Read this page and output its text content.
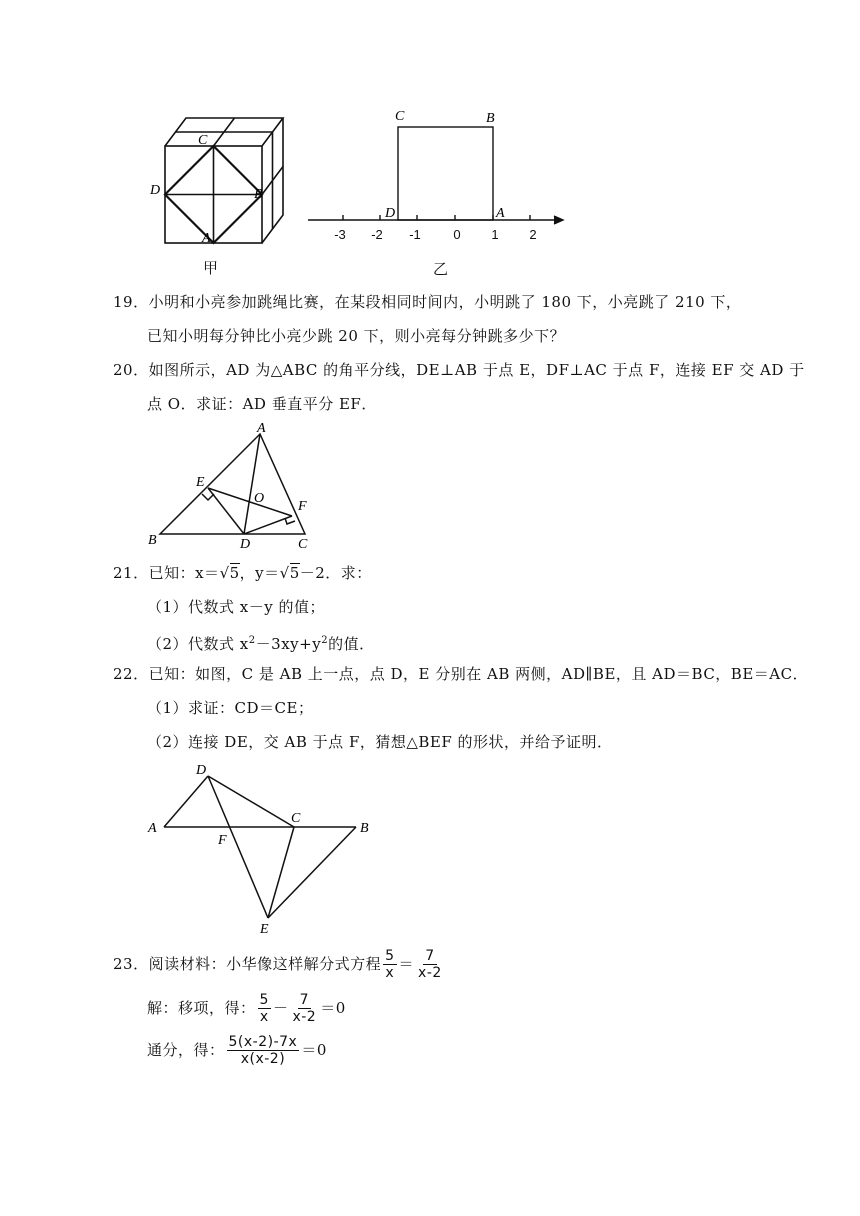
C
D	B
A
甲
C	B
D	A
-3 -2 -1	0 1 2
乙
19．小明和小亮参加跳绳比赛，在某段相同时间内，小明跳了 180 下，小亮跳了 210 下，
已知小明每分钟比小亮少跳 20 下，则小亮每分钟跳多少下？
20．如图所示，AD 为△ABC 的角平分线，DE⊥AB 于点 E，DF⊥AC 于点 F，连接 EF 交 AD 于
点 O．求证：AD 垂直平分 EF．
A
E
O
F
B	D	C
21．已知：x＝√5，y＝√5－2．求：
（1）代数式 x－y 的值；
（2）代数式 $x^2-3xy+y^2$的值．
22．已知：如图，C 是 AB 上一点，点 D，E 分别在 AB 两侧，AD∥BE，且 AD＝BC，BE＝AC．
（1）求证：CD＝CE；
（2）连接 DE，交 AB 于点 F，猜想△BEF 的形状，并给予证明．
D
A
F
C
B
E
23． 阅读材料：小华像这样解分式方程 $\frac{5}{x} = \frac{7}{x-2}$
解：移项，得： $\frac{5}{x} - \frac{7}{x-2} =0$
通分，得： $\frac{5(x-2)-7x}{x(x-2)} =0$
